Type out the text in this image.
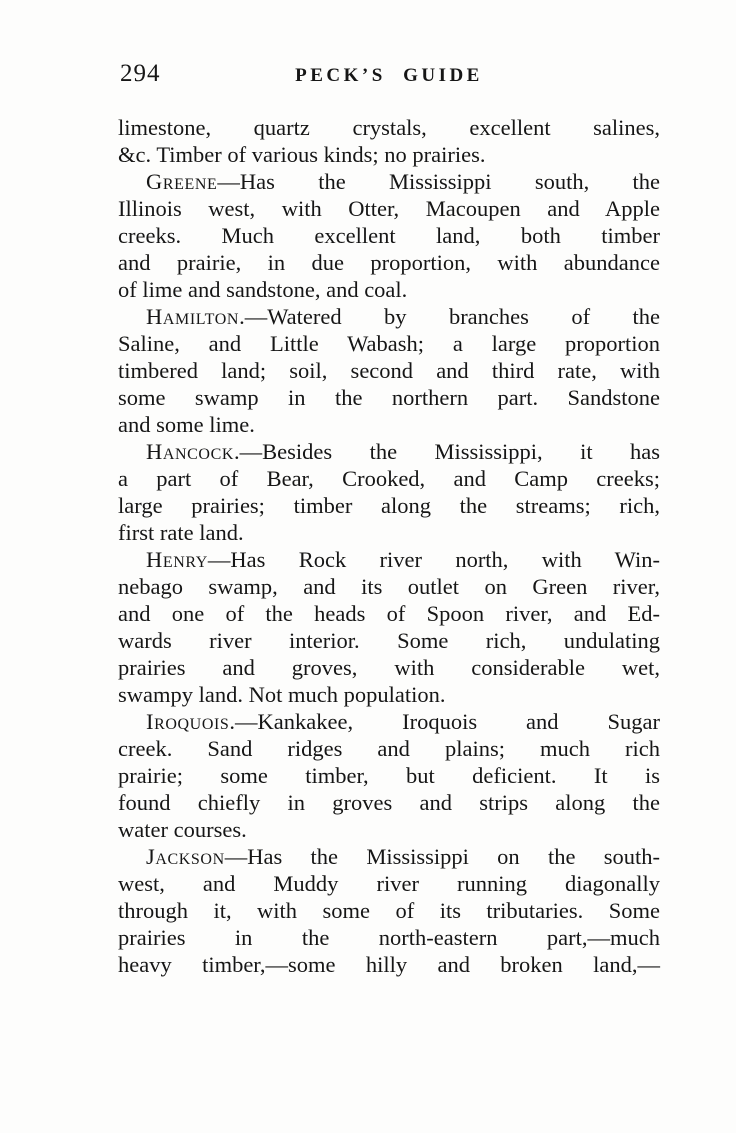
294	PECK’S GUIDE
limestone, quartz crystals, excellent salines,
&c. Timber of various kinds; no prairies.
Greene—Has the Mississippi south, the
Illinois west, with Otter, Macoupen and Apple
creeks. Much excellent land, both timber
and prairie, in due proportion, with abundance
of lime and sandstone, and coal.
Hamilton.—Watered by branches of the
Saline, and Little Wabash; a large proportion
timbered land; soil, second and third rate, with
some swamp in the northern part. Sandstone
and some lime.
Hancock.—Besides the Mississippi, it has
a part of Bear, Crooked, and Camp creeks;
large prairies; timber along the streams; rich,
first rate land.
Henry—Has Rock river north, with Win-
nebago swamp, and its outlet on Green river,
and one of the heads of Spoon river, and Ed-
wards river interior. Some rich, undulating
prairies and groves, with considerable wet,
swampy land. Not much population.
Iroquois.—Kankakee, Iroquois and Sugar
creek. Sand ridges and plains; much rich
prairie; some timber, but deficient. It is
found chiefly in groves and strips along the
water courses.
Jackson—Has the Mississippi on the south-
west, and Muddy river running diagonally
through it, with some of its tributaries. Some
prairies in the north-eastern part,—much
heavy timber,—some hilly and broken land,—
